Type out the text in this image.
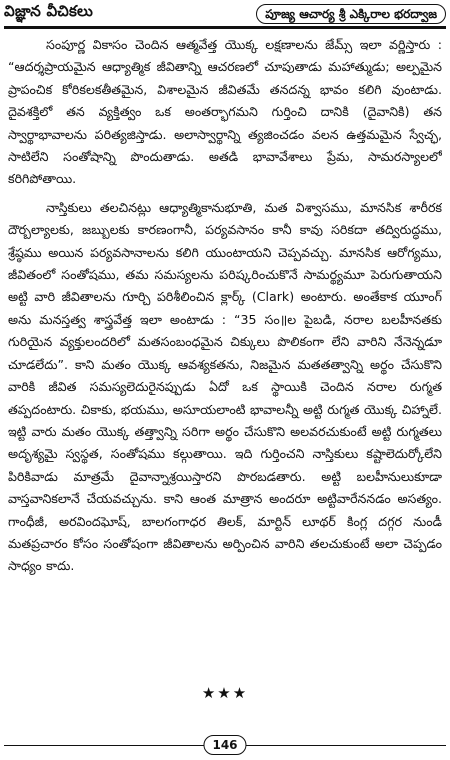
విజ్ఞాన వీచికలు	పూజ్య ఆచార్య శ్రీ ఎక్కిరాల భరద్వాజ

సంపూర్ణ వికాసం చెందిన ఆత్మవేత్త యొక్క లక్షణాలను జేమ్స్ ఇలా వర్ణిస్తారు : “ఆదర్శప్రాయమైన ఆధ్యాత్మిక జీవితాన్ని ఆచరణలో చూపుతాడు మహాత్ముడు; అల్పమైన ప్రాపంచిక కోరికలకతీతమైన, విశాలమైన జీవితమే తనదన్న భావం కలిగి వుంటాడు. దైవశక్తిలో తన వ్యక్తిత్వం ఒక అంతర్భాగమని గుర్తించి దానికి (దైవానికి) తన స్వార్థాభావాలను పరిత్యజిస్తాడు. అలాస్వార్థాన్ని త్యజించడం వలన ఉత్తమమైన స్వేచ్ఛ, సాటిలేని సంతోషాన్ని పొందుతాడు. అతడి భావావేశాలు ప్రేమ, సామరస్యాలలో కరిగిపోతాయి.

నాస్తికులు తలచినట్లు ఆధ్యాత్మికానుభూతి, మత విశ్వాసము, మానసిక శారీరక దౌర్బల్యాలకు, జబ్బులకు కారణంగానీ, పర్యవసానం కానీ కావు సరికదా తద్విరుద్ధము, శ్రేష్ఠము అయిన పర్యవసానాలను కలిగి యుంటాయని చెప్పవచ్చు. మానసిక ఆరోగ్యము, జీవితంలో సంతోషము, తమ సమస్యలను పరిష్కరించుకొనే సామర్థ్యమూ పెరుగుతాయని అట్టి వారి జీవితాలను గూర్చి పరిశీలించిన క్లార్క్ (Clark) అంటారు. అంతేకాక యూంగ్ అను మనస్తత్వ శాస్త్రవేత్త ఇలా అంటాడు : “35 సం॥ల పైబడి, నరాల బలహీనతకు గురియైన వ్యక్తులందరిలో మతసంబంధమైన చిక్కులు పొలికంగా లేని వారిని నేనెన్నడూ చూడలేదు”. కాని మతం యొక్క ఆవశ్యకతను, నిజమైన మతతత్వాన్ని అర్థం చేసుకొని వారికి జీవిత సమస్యలెదురైనప్పుడు ఏదో ఒక స్థాయికి చెందిన నరాల రుగ్మత తప్పదంటారు. చికాకు, భయము, అసూయలాంటి భావాలన్నీ అట్టి రుగ్మత యొక్క చిహ్నాలే. ఇట్టి వారు మతం యొక్క తత్త్వాన్ని సరిగా అర్థం చేసుకొని అలవరచుకుంటే అట్టి రుగ్మతలు అదృశ్యమై స్వస్థత, సంతోషము కల్గుతాయి. ఇది గుర్తించని నాస్తికులు కష్టాలెదుర్కోలేని పిరికివాడు మాత్రమే దైవాన్నాశ్రయిస్తారని పొరబడతారు. అట్టి బలహీనులుకూడా వాస్తవానికలానే చేయవచ్చును. కాని ఆంత మాత్రాన అందరూ అట్టివారేననడం అసత్యం. గాంధీజీ, అరవిందఘోష్, బాలగంగాధర తిలక్, మార్టిన్ లూథర్ కింగ్ల దగ్గర నుండీ మతప్రచారం కోసం సంతోషంగా జీవితాలను అర్పించిన వారిని తలచుకుంటే అలా చెప్పడం సాధ్యం కాదు.

★★★
146
